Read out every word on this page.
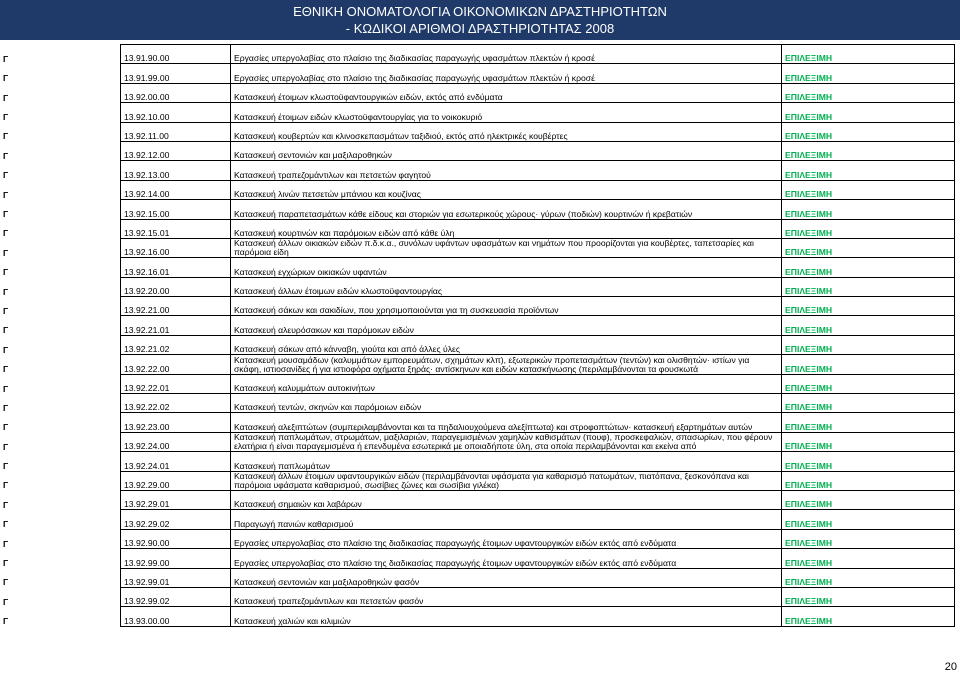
ΕΘΝΙΚΗ ΟΝΟΜΑΤΟΛΟΓΙΑ ΟΙΚΟΝΟΜΙΚΩΝ ΔΡΑΣΤΗΡΙΟΤΗΤΩΝ
- ΚΩΔΙΚΟΙ ΑΡΙΘΜΟΙ ΔΡΑΣΤΗΡΙΟΤΗΤΑΣ 2008
Γ	13.91.90.00	Εργασίες υπεργολαβίας στο πλαίσιο της διαδικασίας παραγωγής υφασμάτων πλεκτών ή κροσέ	ΕΠΙΛΕΞΙΜΗ
Γ	13.91.99.00	Εργασίες υπεργολαβίας στο πλαίσιο της διαδικασίας παραγωγής υφασμάτων πλεκτών ή κροσέ	ΕΠΙΛΕΞΙΜΗ
Γ	13.92.00.00	Κατασκευή έτοιμων κλωστοϋφαντουργικών ειδών, εκτός από ενδύματα	ΕΠΙΛΕΞΙΜΗ
Γ	13.92.10.00	Κατασκευή έτοιμων ειδών κλωστοϋφαντουργίας για το νοικοκυριό	ΕΠΙΛΕΞΙΜΗ
Γ	13.92.11.00	Κατασκευή κουβερτών και κλινοσκεπασμάτων ταξιδιού, εκτός από ηλεκτρικές κουβέρτες	ΕΠΙΛΕΞΙΜΗ
Γ	13.92.12.00	Κατασκευή σεντονιών και μαξιλαροθηκών	ΕΠΙΛΕΞΙΜΗ
Γ	13.92.13.00	Κατασκευή τραπεζομάντιλων και πετσετών φαγητού	ΕΠΙΛΕΞΙΜΗ
Γ	13.92.14.00	Κατασκευή λινών πετσετών μπάνιου και κουζίνας	ΕΠΙΛΕΞΙΜΗ
Γ	13.92.15.00	Κατασκευή παραπετασμάτων κάθε είδους και στοριών για εσωτερικούς χώρους· γύρων (ποδιών) κουρτινών ή κρεβατιών	ΕΠΙΛΕΞΙΜΗ
Γ	13.92.15.01	Κατασκευή κουρτινών και παρόμοιων ειδών από κάθε ύλη	ΕΠΙΛΕΞΙΜΗ
Γ	13.92.16.00	Κατασκευή άλλων οικιακών ειδών π.δ.κ.α., συνόλων υφάντων υφασμάτων και νημάτων που προορίζονται για κουβέρτες, ταπετσαρίες και παρόμοια είδη	ΕΠΙΛΕΞΙΜΗ
Γ	13.92.16.01	Κατασκευή εγχώριων οικιακών υφαντών	ΕΠΙΛΕΞΙΜΗ
Γ	13.92.20.00	Κατασκευή άλλων έτοιμων ειδών κλωστοϋφαντουργίας	ΕΠΙΛΕΞΙΜΗ
Γ	13.92.21.00	Κατασκευή σάκων και σακιδίων, που χρησιμοποιούνται για τη συσκευασία προϊόντων	ΕΠΙΛΕΞΙΜΗ
Γ	13.92.21.01	Κατασκευή αλευρόσακων και παρόμοιων ειδών	ΕΠΙΛΕΞΙΜΗ
Γ	13.92.21.02	Κατασκευή σάκων από κάνναβη, γιούτα και από άλλες ύλες	ΕΠΙΛΕΞΙΜΗ
Γ	13.92.22.00	Κατασκευή μουσαμάδων (καλυμμάτων εμπορευμάτων, σχημάτων κλπ), εξωτερικών προπετασμάτων (τεντών) και ολισθητών· ιστίων για σκάφη, ιστιοσανίδες ή για ιστιοφόρα οχήματα ξηράς· αντίσκηνων και ειδών κατασκήνωσης (περιλαμβάνονται τα φουσκωτά	ΕΠΙΛΕΞΙΜΗ
Γ	13.92.22.01	Κατασκευή καλυμμάτων αυτοκινήτων	ΕΠΙΛΕΞΙΜΗ
Γ	13.92.22.02	Κατασκευή τεντών, σκηνών και παρόμοιων ειδών	ΕΠΙΛΕΞΙΜΗ
Γ	13.92.23.00	Κατασκευή αλεξιπτώτων (συμπεριλαμβάνονται και τα πηδαλιουχούμενα αλεξίπτωτα) και στροφοπτώτων· κατασκευή εξαρτημάτων αυτών	ΕΠΙΛΕΞΙΜΗ
Γ	13.92.24.00	Κατασκευή παπλωμάτων, στρωμάτων, μαξιλαριών, παραγεμισμένων χαμηλών καθισμάτων (πουφ), προσκεφαλιών, σπασωρίων, που φέρουν ελατήρια ή είναι παραγεμισμένα ή επενδυμένα εσωτερικά με οποιαδήποτε ύλη, στα οποία περιλαμβάνονται και εκείνα από	ΕΠΙΛΕΞΙΜΗ
Γ	13.92.24.01	Κατασκευή παπλωμάτων	ΕΠΙΛΕΞΙΜΗ
Γ	13.92.29.00	Κατασκευή άλλων έτοιμων υφαντουργικών ειδών (περιλαμβάνονται υφάσματα για καθαρισμό πατωμάτων, πιατόπανα, ξεσκονόπανα και παρόμοια υφάσματα καθαρισμού, σωσίβιες ζώνες και σωσίβια γιλέκα)	ΕΠΙΛΕΞΙΜΗ
Γ	13.92.29.01	Κατασκευή σημαιών και λαβάρων	ΕΠΙΛΕΞΙΜΗ
Γ	13.92.29.02	Παραγωγή πανιών καθαρισμού	ΕΠΙΛΕΞΙΜΗ
Γ	13.92.90.00	Εργασίες υπεργολαβίας στο πλαίσιο της διαδικασίας παραγωγής έτοιμων υφαντουργικών ειδών εκτός από ενδύματα	ΕΠΙΛΕΞΙΜΗ
Γ	13.92.99.00	Εργασίες υπεργολαβίας στο πλαίσιο της διαδικασίας παραγωγής έτοιμων υφαντουργικών ειδών εκτός από ενδύματα	ΕΠΙΛΕΞΙΜΗ
Γ	13.92.99.01	Κατασκευή σεντονιών και μαξιλαροθηκών φασόν	ΕΠΙΛΕΞΙΜΗ
Γ	13.92.99.02	Κατασκευή τραπεζομάντιλων και πετσετών φασόν	ΕΠΙΛΕΞΙΜΗ
Γ	13.93.00.00	Κατασκευή χαλιών και κιλιμιών	ΕΠΙΛΕΞΙΜΗ
20
